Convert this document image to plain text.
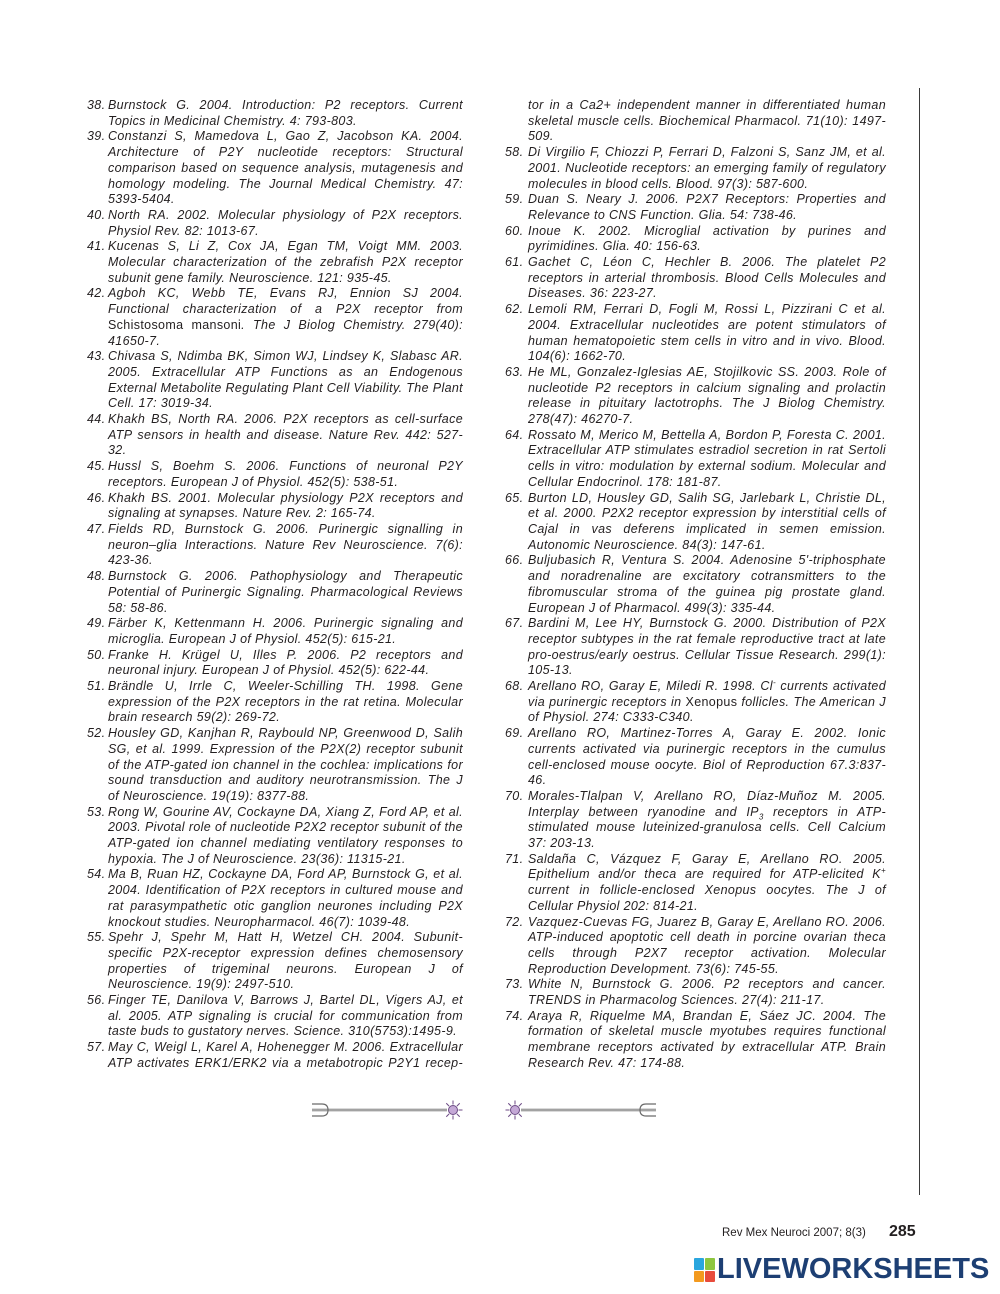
38. Burnstock G. 2004. Introduction: P2 receptors. Current Topics in Medicinal Chemistry. 4: 793-803.
39. Constanzi S, Mamedova L, Gao Z, Jacobson KA. 2004. Architecture of P2Y nucleotide receptors: Structural comparison based on sequence analysis, mutagenesis and homology modeling. The Journal Medical Chemistry. 47: 5393-5404.
40. North RA. 2002. Molecular physiology of P2X receptors. Physiol Rev. 82: 1013-67.
41. Kucenas S, Li Z, Cox JA, Egan TM, Voigt MM. 2003. Molecular characterization of the zebrafish P2X receptor subunit gene family. Neuroscience. 121: 935-45.
42. Agboh KC, Webb TE, Evans RJ, Ennion SJ 2004. Functional characterization of a P2X receptor from Schistosoma mansoni. The J Biolog Chemistry. 279(40): 41650-7.
43. Chivasa S, Ndimba BK, Simon WJ, Lindsey K, Slabasc AR. 2005. Extracellular ATP Functions as an Endogenous External Metabolite Regulating Plant Cell Viability. The Plant Cell. 17: 3019-34.
44. Khakh BS, North RA. 2006. P2X receptors as cell-surface ATP sensors in health and disease. Nature Rev. 442: 527-32.
45. Hussl S, Boehm S. 2006. Functions of neuronal P2Y receptors. European J of Physiol. 452(5): 538-51.
46. Khakh BS. 2001. Molecular physiology P2X receptors and signaling at synapses. Nature Rev. 2: 165-74.
47. Fields RD, Burnstock G. 2006. Purinergic signalling in neuron–glia Interactions. Nature Rev Neuroscience. 7(6): 423-36.
48. Burnstock G. 2006. Pathophysiology and Therapeutic Potential of Purinergic Signaling. Pharmacological Reviews 58: 58-86.
49. Färber K, Kettenmann H. 2006. Purinergic signaling and microglia. European J of Physiol. 452(5): 615-21.
50. Franke H. Krügel U, Illes P. 2006. P2 receptors and neuronal injury. European J of Physiol. 452(5): 622-44.
51. Brändle U, Irrle C, Weeler-Schilling TH. 1998. Gene expression of the P2X receptors in the rat retina. Molecular brain research 59(2): 269-72.
52. Housley GD, Kanjhan R, Raybould NP, Greenwood D, Salih SG, et al. 1999. Expression of the P2X(2) receptor subunit of the ATP-gated ion channel in the cochlea: implications for sound transduction and auditory neurotransmission. The J of Neuroscience. 19(19): 8377-88.
53. Rong W, Gourine AV, Cockayne DA, Xiang Z, Ford AP, et al. 2003. Pivotal role of nucleotide P2X2 receptor subunit of the ATP-gated ion channel mediating ventilatory responses to hypoxia. The J of Neuroscience. 23(36): 11315-21.
54. Ma B, Ruan HZ, Cockayne DA, Ford AP, Burnstock G, et al. 2004. Identification of P2X receptors in cultured mouse and rat parasympathetic otic ganglion neurones including P2X knockout studies. Neuropharmacol. 46(7): 1039-48.
55. Spehr J, Spehr M, Hatt H, Wetzel CH. 2004. Subunit-specific P2X-receptor expression defines chemosensory properties of trigeminal neurons. European J of Neuroscience. 19(9): 2497-510.
56. Finger TE, Danilova V, Barrows J, Bartel DL, Vigers AJ, et al. 2005. ATP signaling is crucial for communication from taste buds to gustatory nerves. Science. 310(5753):1495-9.
57. May C, Weigl L, Karel A, Hohenegger M. 2006. Extracellular ATP activates ERK1/ERK2 via a metabotropic P2Y1 recep-
tor in a Ca2+ independent manner in differentiated human skeletal muscle cells. Biochemical Pharmacol. 71(10): 1497-509.
58. Di Virgilio F, Chiozzi P, Ferrari D, Falzoni S, Sanz JM, et al. 2001. Nucleotide receptors: an emerging family of regulatory molecules in blood cells. Blood. 97(3): 587-600.
59. Duan S. Neary J. 2006. P2X7 Receptors: Properties and Relevance to CNS Function. Glia. 54: 738-46.
60. Inoue K. 2002. Microglial activation by purines and pyrimidines. Glia. 40: 156-63.
61. Gachet C, Léon C, Hechler B. 2006. The platelet P2 receptors in arterial thrombosis. Blood Cells Molecules and Diseases. 36: 223-27.
62. Lemoli RM, Ferrari D, Fogli M, Rossi L, Pizzirani C et al. 2004. Extracellular nucleotides are potent stimulators of human hematopoietic stem cells in vitro and in vivo. Blood. 104(6): 1662-70.
63. He ML, Gonzalez-Iglesias AE, Stojilkovic SS. 2003. Role of nucleotide P2 receptors in calcium signaling and prolactin release in pituitary lactotrophs. The J Biolog Chemistry. 278(47): 46270-7.
64. Rossato M, Merico M, Bettella A, Bordon P, Foresta C. 2001. Extracellular ATP stimulates estradiol secretion in rat Sertoli cells in vitro: modulation by external sodium. Molecular and Cellular Endocrinol. 178: 181-87.
65. Burton LD, Housley GD, Salih SG, Jarlebark L, Christie DL, et al. 2000. P2X2 receptor expression by interstitial cells of Cajal in vas deferens implicated in semen emission. Autonomic Neuroscience. 84(3): 147-61.
66. Buljubasich R, Ventura S. 2004. Adenosine 5'-triphosphate and noradrenaline are excitatory cotransmitters to the fibromuscular stroma of the guinea pig prostate gland. European J of Pharmacol. 499(3): 335-44.
67. Bardini M, Lee HY, Burnstock G. 2000. Distribution of P2X receptor subtypes in the rat female reproductive tract at late pro-oestrus/early oestrus. Cellular Tissue Research. 299(1): 105-13.
68. Arellano RO, Garay E, Miledi R. 1998. Cl- currents activated via purinergic receptors in Xenopus follicles. The American J of Physiol. 274: C333-C340.
69. Arellano RO, Martinez-Torres A, Garay E. 2002. Ionic currents activated via purinergic receptors in the cumulus cell-enclosed mouse oocyte. Biol of Reproduction 67.3:837-46.
70. Morales-Tlalpan V, Arellano RO, Díaz-Muñoz M. 2005. Interplay between ryanodine and $IP_3$ receptors in ATP-stimulated mouse luteinized-granulosa cells. Cell Calcium 37: 203-13.
71. Saldaña C, Vázquez F, Garay E, Arellano RO. 2005. Epithelium and/or theca are required for ATP-elicited K+ current in follicle-enclosed Xenopus oocytes. The J of Cellular Physiol 202: 814-21.
72. Vazquez-Cuevas FG, Juarez B, Garay E, Arellano RO. 2006. ATP-induced apoptotic cell death in porcine ovarian theca cells through P2X7 receptor activation. Molecular Reproduction Development. 73(6): 745-55.
73. White N, Burnstock G. 2006. P2 receptors and cancer. TRENDS in Pharmacolog Sciences. 27(4): 211-17.
74. Araya R, Riquelme MA, Brandan E, Sáez JC. 2004. The formation of skeletal muscle myotubes requires functional membrane receptors activated by extracellular ATP. Brain Research Rev. 47: 174-88.
Rev Mex Neuroci 2007; 8(3) 285
LIVEWORKSHEETS
